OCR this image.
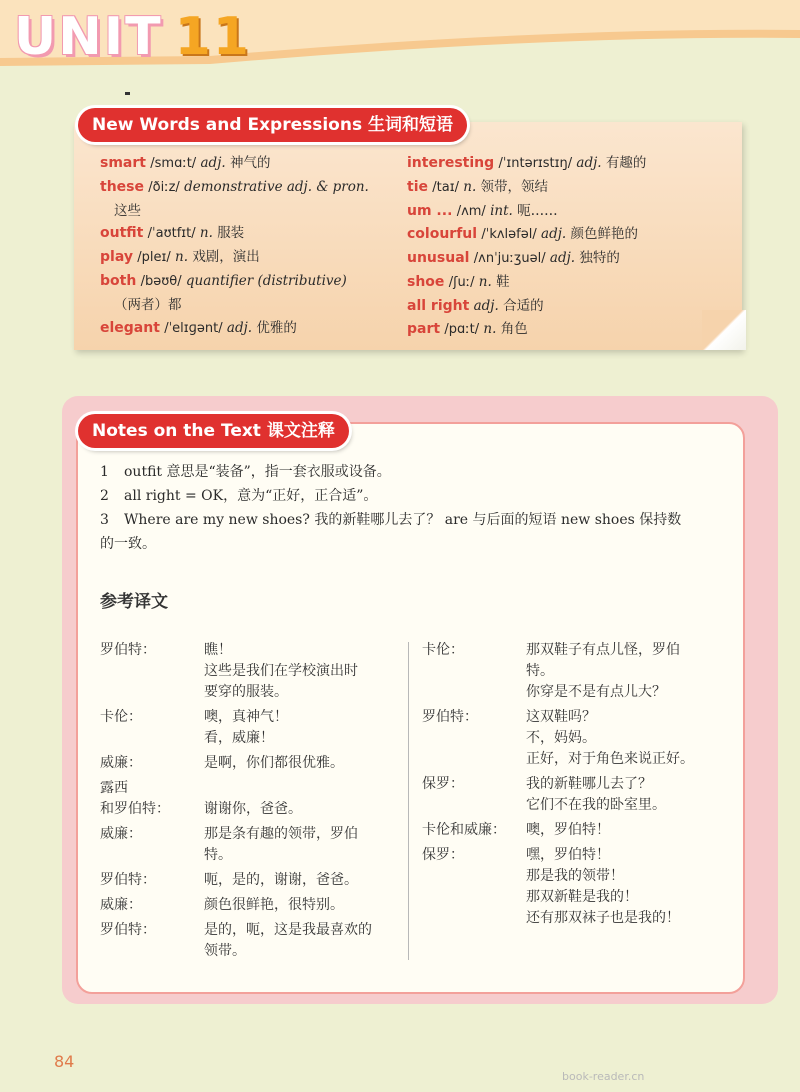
UNIT 11
New Words and Expressions 生词和短语
smart /smɑːt/ adj. 神气的
these /ðiːz/ demonstrative adj. & pron.
这些
outfit /ˈaʊtfɪt/ n. 服装
play /pleɪ/ n. 戏剧，演出
both /bəʊθ/ quantifier (distributive)
（两者）都
elegant /ˈelɪɡənt/ adj. 优雅的
interesting /ˈɪntərɪstɪŋ/ adj. 有趣的
tie /taɪ/ n. 领带，领结
um ... /ʌm/ int. 呃……
colourful /ˈkʌləfəl/ adj. 颜色鲜艳的
unusual /ʌnˈjuːʒuəl/ adj. 独特的
shoe /ʃuː/ n. 鞋
all right adj. 合适的
part /pɑːt/ n. 角色
Notes on the Text 课文注释
1	outfit 意思是“装备”，指一套衣服或设备。
2	all right = OK，意为“正好，正合适”。
3	Where are my new shoes? 我的新鞋哪儿去了？ are 与后面的短语 new shoes 保持数
的一致。
参考译文
罗伯特：	瞧！
这些是我们在学校演出时
要穿的服装。
卡伦：	噢，真神气！
看，威廉！
威廉：	是啊，你们都很优雅。
露西
和罗伯特：
	谢谢你，爸爸。
威廉：	那是条有趣的领带，罗伯
特。
罗伯特：	呃，是的，谢谢，爸爸。
威廉：	颜色很鲜艳，很特别。
罗伯特：	是的，呃，这是我最喜欢的
领带。
卡伦：	那双鞋子有点儿怪，罗伯
特。
你穿是不是有点儿大？
罗伯特：	这双鞋吗？
不，妈妈。
正好，对于角色来说正好。
保罗：	我的新鞋哪儿去了？
它们不在我的卧室里。
卡伦和威廉：	噢，罗伯特！
保罗：	嘿，罗伯特！
那是我的领带！
那双新鞋是我的！
还有那双袜子也是我的！
84
book-reader.cn
